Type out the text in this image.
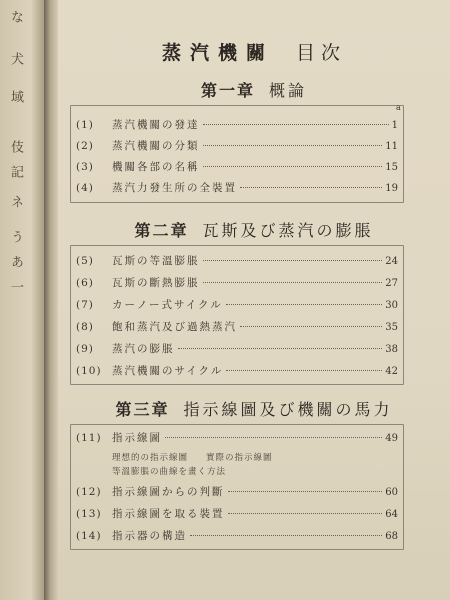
な
犬
域
伎
記
ネ
う
あ
一
蒸汽機關 目次
第一章 概論
a
(1)	蒸汽機關の發達	1
(2)	蒸汽機關の分類	11
(3)	機關各部の名稱	15
(4)	蒸汽力發生所の全裝置	19
第二章 瓦斯及び蒸汽の膨脹
(5)	瓦斯の等溫膨脹	24
(6)	瓦斯の斷熱膨脹	27
(7)	カーノー式サイクル	30
(8)	飽和蒸汽及び過熱蒸汽	35
(9)	蒸汽の膨脹	38
(10) 蒸汽機關のサイクル	42
第三章 指示線圖及び機關の馬力
(11) 指示線圖	49
理想的の指示線圖 實際の指示線圖
等溫膨脹の曲線を畫く方法
(12) 指示線圖からの判斷	60
(13) 指示線圖を取る裝置	64
(14) 指示器の構造	68
